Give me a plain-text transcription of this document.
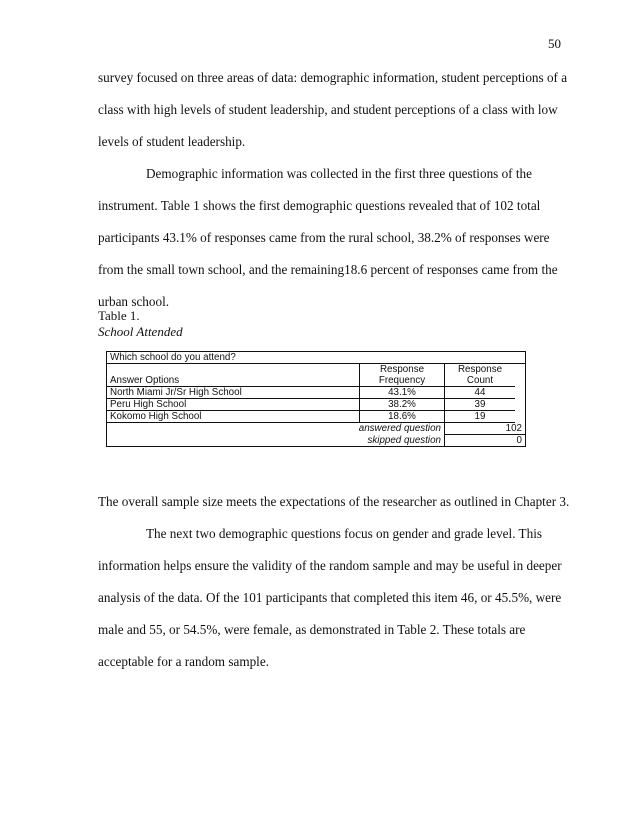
50

survey focused on three areas of data: demographic information, student perceptions of a class with high levels of student leadership, and student perceptions of a class with low levels of student leadership.

Demographic information was collected in the first three questions of the instrument. Table 1 shows the first demographic questions revealed that of 102 total participants 43.1% of responses came from the rural school, 38.2% of responses were from the small town school, and the remaining18.6 percent of responses came from the urban school.

Table 1.
School Attended
Which school do you attend?			
	Response	Response	
Answer Options	Frequency	Count	
North Miami Jr/Sr High School	43.1%	44	
Peru High School	38.2%	39	
Kokomo High School	18.6%	19	
answered question		102	
skipped question		0	

The overall sample size meets the expectations of the researcher as outlined in Chapter 3.

The next two demographic questions focus on gender and grade level. This information helps ensure the validity of the random sample and may be useful in deeper analysis of the data. Of the 101 participants that completed this item 46, or 45.5%, were male and 55, or 54.5%, were female, as demonstrated in Table 2. These totals are acceptable for a random sample.
